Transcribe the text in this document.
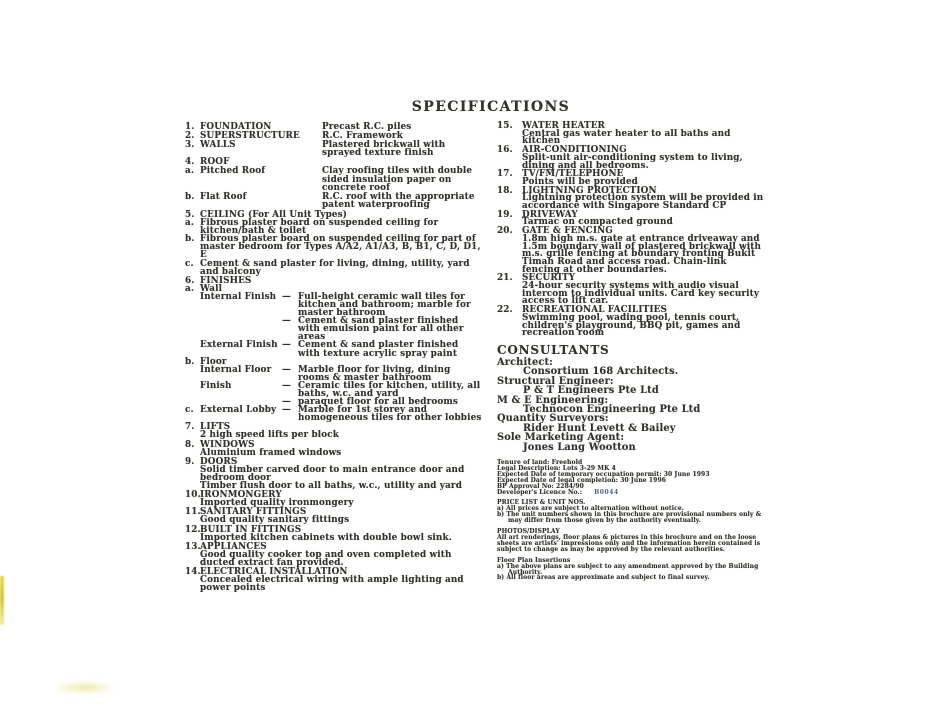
SPECIFICATIONS
1. FOUNDATION	Precast R.C. piles
2. SUPERSTRUCTURE	R.C. Framework
3. WALLS	Plastered brickwall with sprayed texture finish
4. ROOF
a. Pitched Roof	Clay roofing tiles with double sided insulation paper on concrete roof
b. Flat Roof	R.C. roof with the appropriate patent waterproofing
5. CEILING (For All Unit Types)
a. Fibrous plaster board on suspended ceiling for kitchen/bath & toilet
b. Fibrous plaster board on suspended ceiling for part of master bedroom for Types A/A2, A1/A3, B, B1, C, D, D1, E
c. Cement & sand plaster for living, dining, utility, yard and balcony
6. FINISHES
a. Wall
Internal Finish — Full-height ceramic wall tiles for kitchen and bathroom; marble for master bathroom
— Cement & sand plaster finished with emulsion paint for all other areas
External Finish — Cement & sand plaster finished with texture acrylic spray paint
b. Floor
Internal Floor	— Marble floor for living, dining rooms & master bathroom
Finish	— Ceramic tiles for kitchen, utility, all baths, w.c. and yard
— paraquet floor for all bedrooms
c. External Lobby — Marble for 1st storey and homogeneous tiles for other lobbies
7. LIFTS
2 high speed lifts per block
8. WINDOWS
Aluminium framed windows
9. DOORS
Solid timber carved door to main entrance door and bedroom door
Timber flush door to all baths, w.c., utility and yard
10. IRONMONGERY
Imported quality ironmongery
11. SANITARY FITTINGS
Good quality sanitary fittings
12. BUILT IN FITTINGS
Imported kitchen cabinets with double bowl sink.
13. APPLIANCES
Good quality cooker top and oven completed with ducted extract fan provided.
14. ELECTRICAL INSTALLATION
Concealed electrical wiring with ample lighting and power points
15.	WATER HEATER
Central gas water heater to all baths and kitchen
16.	AIR-CONDITIONING
Split-unit air-conditioning system to living, dining and all bedrooms.
17.	TV/FM/TELEPHONE
Points will be provided
18.	LIGHTNING PROTECTION
Lightning protection system will be provided in accordance with Singapore Standard CP
19.	DRIVEWAY
Tarmac on compacted ground
20.	GATE & FENCING
1.8m high m.s. gate at entrance driveaway and 1.5m boundary wall of plastered brickwall with m.s. grille fencing at boundary fronting Bukit Timah Road and access road. Chain-link fencing at other boundaries.
21.	SECURITY
24-hour security systems with audio visual intercom to individual units. Card key security access to lift car.
22.	RECREATIONAL FACILITIES
Swimming pool, wading pool, tennis court, children's playground, BBQ pit, games and recreation room
CONSULTANTS
Architect:
Consortium 168 Architects.
Structural Engineer:
P & T Engineers Pte Ltd
M & E Engineering:
Technocon Engineering Pte Ltd
Quantity Surveyors:
Rider Hunt Levett & Bailey
Sole Marketing Agent:
Jones Lang Wootton
Tenure of land: Freehold
Legal Description: Lots 3-29 MK 4
Expected Date of temporary occupation permit: 30 June 1993
Expected Date of legal completion: 30 June 1996
BP Approval No: 2284/90
Developer's Licence No.: B0044
PRICE LIST & UNIT NOS.
a) All prices are subject to alternation without notice.
b) The unit numbers shown in this brochure are provisional numbers only & may differ from those given by the authority eventually.
PHOTOS/DISPLAY
All art renderings, floor plans & pictures in this brochure and on the loose sheets are artists' impressions only and the information herein contained is subject to change as may be approved by the relevant authorities.
Floor Plan Insertions
a) The above plans are subject to any amendment approved by the Building Authority.
b) All floor areas are approximate and subject to final survey.
